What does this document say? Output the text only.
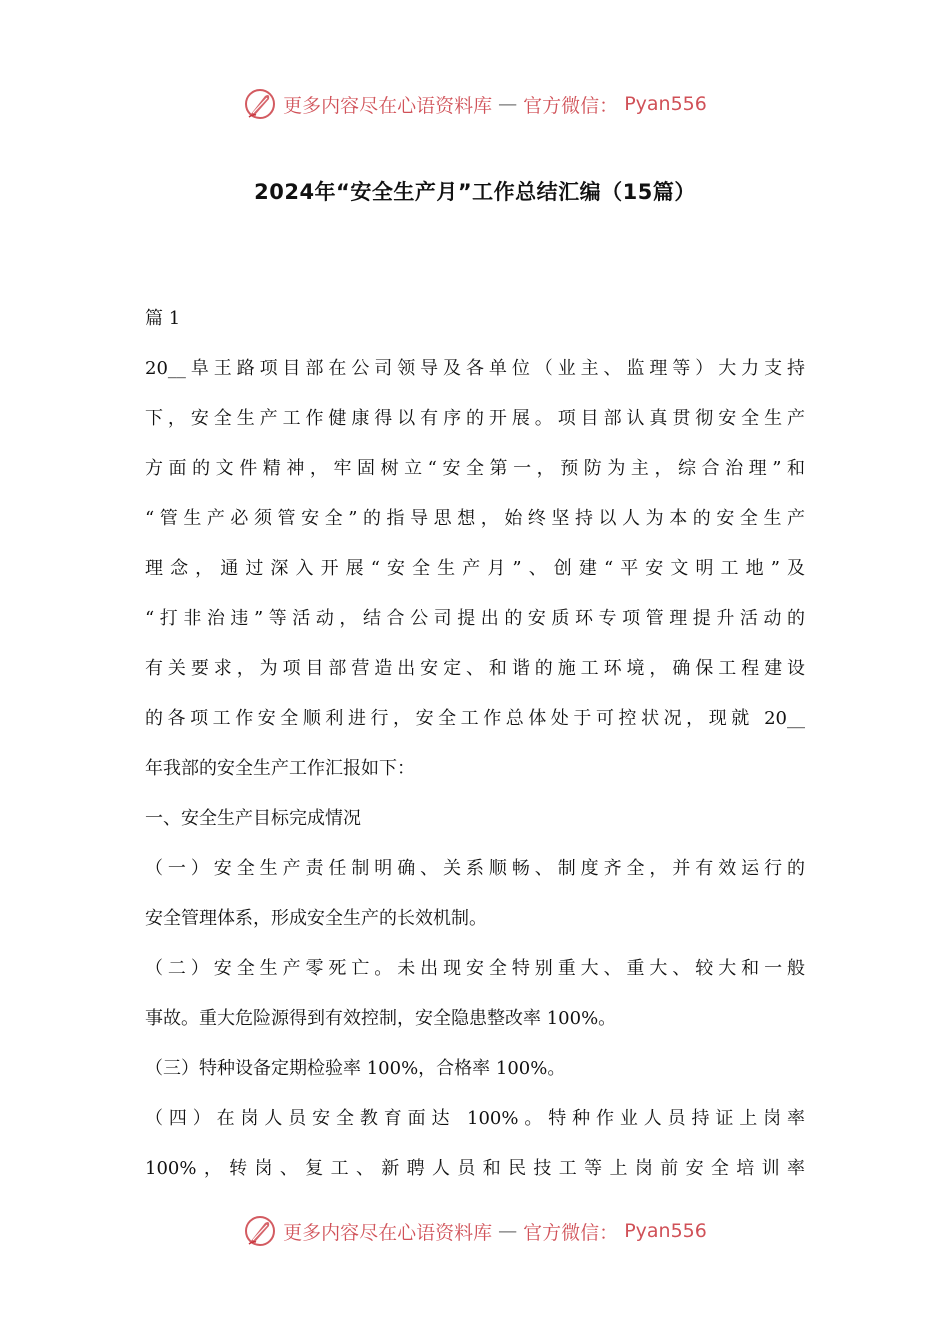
更多内容尽在心语资料库 — 官方微信： Pyan556
2024年“安全生产月”工作总结汇编（15篇）
篇 1
20__阜王路项目部在公司领导及各单位（业主、监理等）大力支持
下，安全生产工作健康得以有序的开展。项目部认真贯彻安全生产
方面的文件精神，牢固树立“安全第一，预防为主，综合治理”和
“管生产必须管安全”的指导思想，始终坚持以人为本的安全生产
理念，通过深入开展“安全生产月”、创建“平安文明工地”及
“打非治违”等活动，结合公司提出的安质环专项管理提升活动的
有关要求，为项目部营造出安定、和谐的施工环境，确保工程建设
的各项工作安全顺利进行，安全工作总体处于可控状况，现就 20__
年我部的安全生产工作汇报如下：
一、安全生产目标完成情况
（一）安全生产责任制明确、关系顺畅、制度齐全，并有效运行的
安全管理体系，形成安全生产的长效机制。
（二）安全生产零死亡。未出现安全特别重大、重大、较大和一般
事故。重大危险源得到有效控制，安全隐患整改率 100%。
（三）特种设备定期检验率 100%，合格率 100%。
（四）在岗人员安全教育面达 100%。特种作业人员持证上岗率
100%，转岗、复工、新聘人员和民技工等上岗前安全培训率
更多内容尽在心语资料库 — 官方微信： Pyan556
